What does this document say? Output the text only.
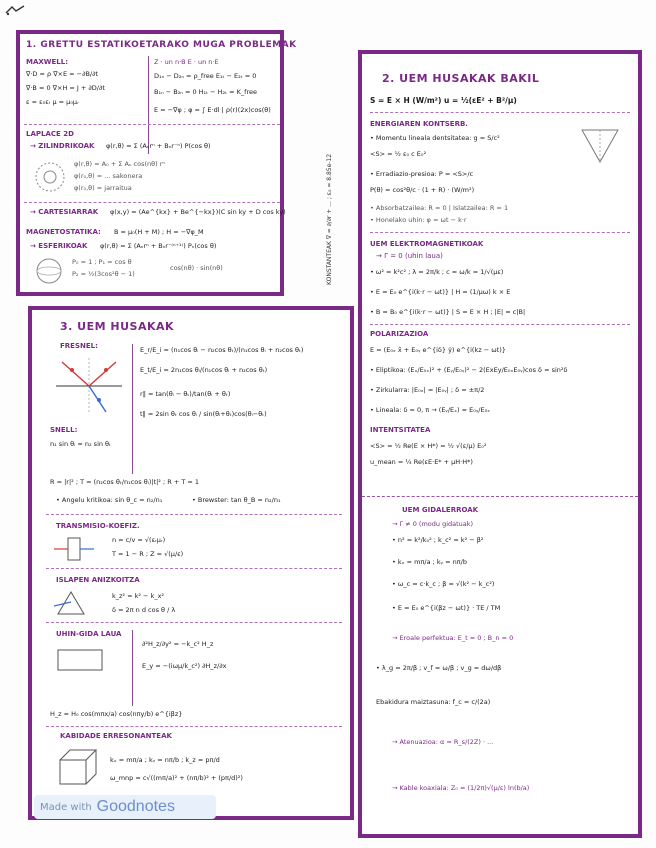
1. GRETTU ESTATIKOETARAKO MUGA PROBLEMAK
MAXWELL:
∇·D = ρ ∇×E = −∂B/∂t
∇·B = 0 ∇×H = J + ∂D/∂t
ε = ε₀εᵣ μ = μ₀μᵣ
Z · un n·B E · un n·E
D₁ₙ − D₂ₙ = ρ_free E₁ₜ − E₂ₜ = 0
B₁ₙ − B₂ₙ = 0 H₁ₜ − H₂ₜ = K_free
E = −∇φ ; φ = ∫ E·dl | ρ(r)(2x)cos(θ)
LAPLACE 2D
→ ZILINDRIKOAK φ(r,θ) = Σ (Aₙrⁿ + Bₙr⁻ⁿ) P(cos θ)
φ(r,θ) = A₀ + Σ Aₙ cos(nθ) rⁿ
φ(r₀,θ) = ... sakonera
φ(r₀,θ) = jarraitua
→ CARTESIARRAK φ(x,y) = (Ae^{kx} + Be^{−kx})(C sin ky + D cos ky)
MAGNETOSTATIKA: B = μ₀(H + M) ; H = −∇φ_M
→ ESFERIKOAK φ(r,θ) = Σ (Aₙrⁿ + Bₙr⁻⁽ⁿ⁺¹⁾) Pₙ(cos θ)
P₀ = 1 ; P₁ = cos θ
P₂ = ½(3cos²θ − 1)
cos(nθ) · sin(nθ)	KONSTANTEAK ∇ = ∂/∂r + ... ; ε₀ = 8.85e-12
2. UEM HUSAKAK BAKIL
S = E × H (W/m²) u = ½(εE² + B²/μ)
ENERGIAREN KONTSERB.
• Momentu lineala dentsitatea: g = S/c²
<S> = ½ ε₀ c E₀²
• Erradiazio-presioa: P = <S>/c
P(θ) = cos²θ/c · (1 + R) · (W/m²)
• Absorbatzailea: R = 0 | Islatzailea: R = 1
• Honelako uhin: φ = ωt − k·r
UEM ELEKTROMAGNETIKOAK
→ Γ = 0 (uhin laua)
• ω² = k²c² ; λ = 2π/k ; c = ω/k = 1/√(με)
• E = E₀ e^{i(k·r − ωt)} | H = (1/μω) k × E
• B = B₀ e^{i(k·r − ωt)} | S = E × H ; |E| = c|B|
POLARIZAZIOA
E = (E₀ₓ x̂ + E₀ᵧ e^{iδ} ŷ) e^{i(kz − ωt)}
• Eliptikoa: (Eₓ/E₀ₓ)² + (Eᵧ/E₀ᵧ)² − 2(ExEy/E₀ₓE₀ᵧ)cos δ = sin²δ
• Zirkularra: |E₀ₓ| = |E₀ᵧ| ; δ = ±π/2
• Lineala: δ = 0, π → (Eᵧ/Eₓ) = E₀ᵧ/E₀ₓ
INTENTSITATEA
<S> = ½ Re(E × H*) = ½ √(ε/μ) E₀²
u_mean = ¼ Re(εE·E* + μH·H*)
UEM GIDALERROAK
→ Γ ≠ 0 (modu gidatuak)
• n² = k²/k₀² ; k_c² = k² − β²
• kₓ = mπ/a ; kᵧ = nπ/b
• ω_c = c·k_c ; β = √(k² − k_c²)
• E = E₀ e^{i(βz − ωt)} · TE / TM
→ Eroale perfektua: E_t = 0 ; B_n = 0
• λ_g = 2π/β ; v_f = ω/β ; v_g = dω/dβ
Ebakidura maiztasuna: f_c = c/(2a)
→ Atenuazioa: α = R_s/(2Z) · ...
→ Kable koaxiala: Z₀ = (1/2π)√(μ/ε) ln(b/a)
3. UEM HUSAKAK
FRESNEL:	E_r/E_i = (n₁cos θᵢ − n₂cos θₜ)/(n₁cos θᵢ + n₂cos θₜ)
E_t/E_i = 2n₁cos θᵢ/(n₁cos θᵢ + n₂cos θₜ)
r∥ = tan(θᵢ − θₜ)/tan(θᵢ + θₜ)
t∥ = 2sin θₜ cos θᵢ / sin(θᵢ+θₜ)cos(θᵢ−θₜ)
SNELL:
n₁ sin θᵢ = n₂ sin θₜ
R = |r|² ; T = (n₂cos θₜ/n₁cos θᵢ)|t|² ; R + T = 1
• Angelu kritikoa: sin θ_c = n₂/n₁	• Brewster: tan θ_B = n₂/n₁
TRANSMISIO-KOEFIZ.
n = c/v = √(εᵣμᵣ)
T = 1 − R ; Z = √(μ/ε)
ISLAPEN ANIZKOITZA
k_z² = k² − k_x²
δ = 2π n d cos θ / λ
UHIN-GIDA LAUA
∂²H_z/∂y² = −k_c² H_z
E_y = −(iωμ/k_c²) ∂H_z/∂x
H_z = H₀ cos(mπx/a) cos(nπy/b) e^{iβz}
KABIDADE ERRESONANTEAK
kₓ = mπ/a ; kᵧ = nπ/b ; k_z = pπ/d
ω_mnp = c√((mπ/a)² + (nπ/b)² + (pπ/d)²)
Made with Goodnotes
